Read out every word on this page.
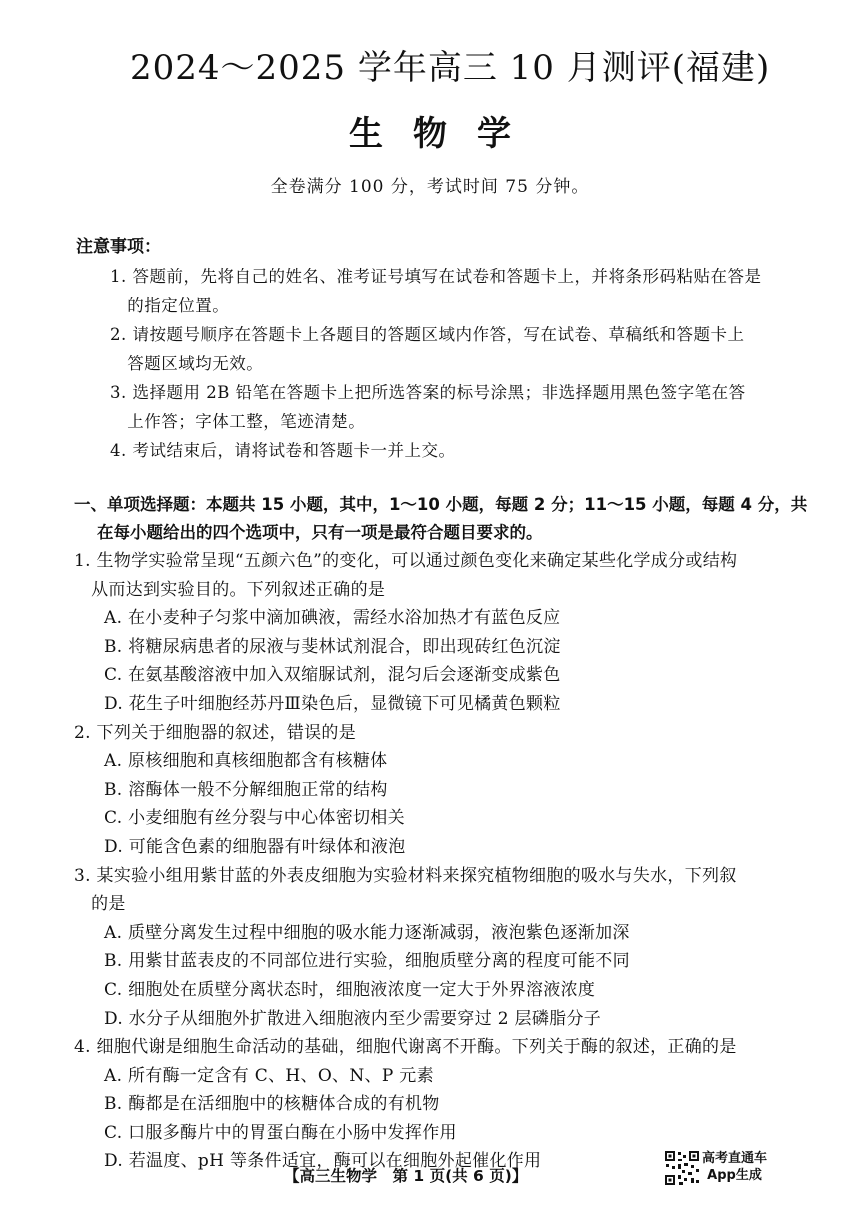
2024～2025 学年高三 10 月测评(福建)
生物学
全卷满分 100 分，考试时间 75 分钟。
注意事项：
1. 答题前，先将自己的姓名、准考证号填写在试卷和答题卡上，并将条形码粘贴在答是
的指定位置。
2. 请按题号顺序在答题卡上各题目的答题区域内作答，写在试卷、草稿纸和答题卡上
答题区域均无效。
3. 选择题用 2B 铅笔在答题卡上把所选答案的标号涂黑；非选择题用黑色签字笔在答
上作答；字体工整，笔迹清楚。
4. 考试结束后，请将试卷和答题卡一并上交。
一、单项选择题：本题共 15 小题，其中，1～10 小题，每题 2 分；11～15 小题，每题 4 分，共
在每小题给出的四个选项中，只有一项是最符合题目要求的。
1. 生物学实验常呈现“五颜六色”的变化，可以通过颜色变化来确定某些化学成分或结构
从而达到实验目的。下列叙述正确的是
A. 在小麦种子匀浆中滴加碘液，需经水浴加热才有蓝色反应
B. 将糖尿病患者的尿液与斐林试剂混合，即出现砖红色沉淀
C. 在氨基酸溶液中加入双缩脲试剂，混匀后会逐渐变成紫色
D. 花生子叶细胞经苏丹Ⅲ染色后，显微镜下可见橘黄色颗粒
2. 下列关于细胞器的叙述，错误的是
A. 原核细胞和真核细胞都含有核糖体
B. 溶酶体一般不分解细胞正常的结构
C. 小麦细胞有丝分裂与中心体密切相关
D. 可能含色素的细胞器有叶绿体和液泡
3. 某实验小组用紫甘蓝的外表皮细胞为实验材料来探究植物细胞的吸水与失水，下列叙
的是
A. 质壁分离发生过程中细胞的吸水能力逐渐减弱，液泡紫色逐渐加深
B. 用紫甘蓝表皮的不同部位进行实验，细胞质壁分离的程度可能不同
C. 细胞处在质壁分离状态时，细胞液浓度一定大于外界溶液浓度
D. 水分子从细胞外扩散进入细胞液内至少需要穿过 2 层磷脂分子
4. 细胞代谢是细胞生命活动的基础，细胞代谢离不开酶。下列关于酶的叙述，正确的是
A. 所有酶一定含有 C、H、O、N、P 元素
B. 酶都是在活细胞中的核糖体合成的有机物
C. 口服多酶片中的胃蛋白酶在小肠中发挥作用
D. 若温度、pH 等条件适宜，酶可以在细胞外起催化作用
【高三生物学　第 1 页(共 6 页)】
高考直通车
App生成
